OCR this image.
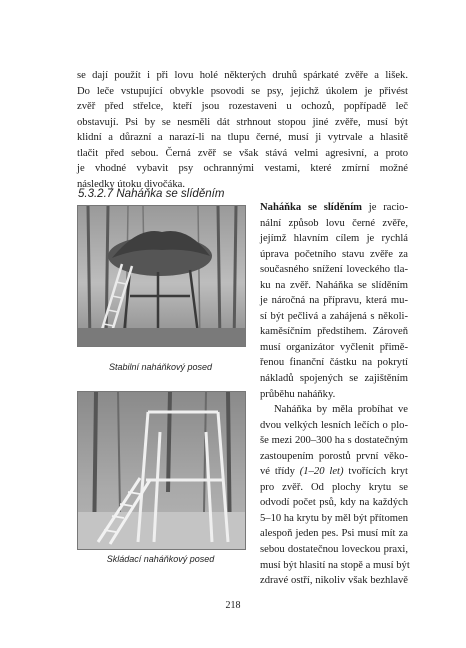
se dají použít i při lovu holé některých druhů spárkaté zvěře a lišek.
Do leče vstupující obvykle psovodi se psy, jejichž úkolem je přivést
zvěř před střelce, kteří jsou rozestaveni u ochozů, popřípadě leč
obstavují. Psi by se nesměli dát strhnout stopou jiné zvěře, musí být
klidní a důrazní a narazí-li na tlupu černé, musí ji vytrvale a hlasitě
tlačit před sebou. Černá zvěř se však stává velmi agresivní, a proto
je vhodné vybavit psy ochrannými vestami, které zmírní možné
následky útoku divočáka.
5.3.2.7 Naháňka se slíděním
Stabilní naháňkový posed
Skládací naháňkový posed
Naháňka se slíděním je racio-
nální způsob lovu černé zvěře,
jejímž hlavním cílem je rychlá
úprava početního stavu zvěře za
současného snížení loveckého tla-
ku na zvěř. Naháňka se slíděním
je náročná na přípravu, která mu-
sí být pečlivá a zahájená s několi-
kaměsíčním předstihem. Zároveň
musí organizátor vyčlenit přimě-
řenou finanční částku na pokrytí
nákladů spojených se zajištěním
průběhu naháňky.
Naháňka by měla probíhat ve
dvou velkých lesních lečích o plo-
še mezi 200–300 ha s dostatečným
zastoupením porostů první věko-
vé třídy (1–20 let) tvořících kryt
pro zvěř. Od plochy krytu se
odvodí počet psů, kdy na každých
5–10 ha krytu by měl být přítomen
alespoň jeden pes. Psi musí mít za
sebou dostatečnou loveckou praxi,
musí být hlasití na stopě a musí být
zdravé ostří, nikoliv však bezhlavě
218
